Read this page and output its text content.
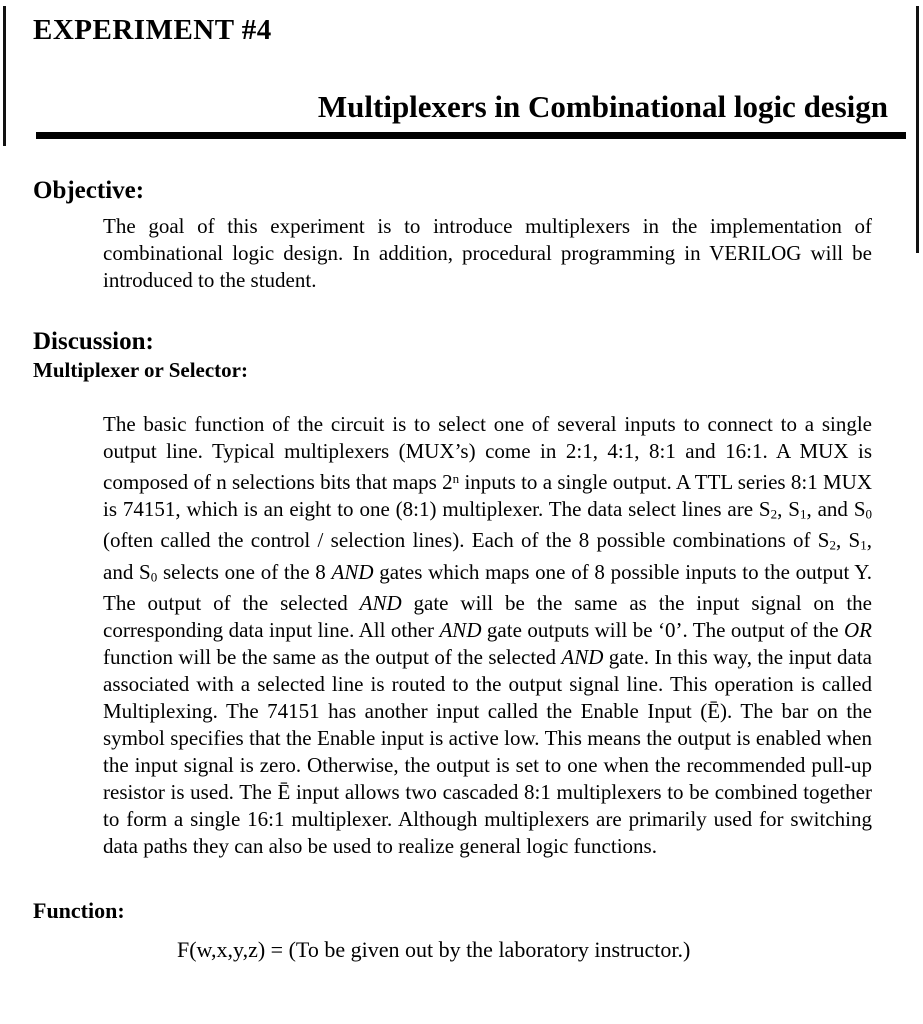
EXPERIMENT #4
Multiplexers in Combinational logic design
Objective:

The goal of this experiment is to introduce multiplexers in the implementation of combinational logic design. In addition, procedural programming in VERILOG will be introduced to the student.

Discussion:
Multiplexer or Selector:

The basic function of the circuit is to select one of several inputs to connect to a single output line. Typical multiplexers (MUX’s) come in 2:1, 4:1, 8:1 and 16:1. A MUX is composed of n selections bits that maps 2$^n$ inputs to a single output. A TTL series 8:1 MUX is 74151, which is an eight to one (8:1) multiplexer. The data select lines are $S_2$, $S_1$, and $S_0$ (often called the control / selection lines). Each of the 8 possible combinations of $S_2$, $S_1$, and $S_0$ selects one of the 8 AND gates which maps one of 8 possible inputs to the output Y. The output of the selected AND gate will be the same as the input signal on the corresponding data input line. All other AND gate outputs will be ‘0’. The output of the OR function will be the same as the output of the selected AND gate. In this way, the input data associated with a selected line is routed to the output signal line. This operation is called Multiplexing. The 74151 has another input called the Enable Input (Ē). The bar on the symbol specifies that the Enable input is active low. This means the output is enabled when the input signal is zero. Otherwise, the output is set to one when the recommended pull-up resistor is used. The Ē input allows two cascaded 8:1 multiplexers to be combined together to form a single 16:1 multiplexer. Although multiplexers are primarily used for switching data paths they can also be used to realize general logic functions.

Function:

F(w,x,y,z) = (To be given out by the laboratory instructor.)
